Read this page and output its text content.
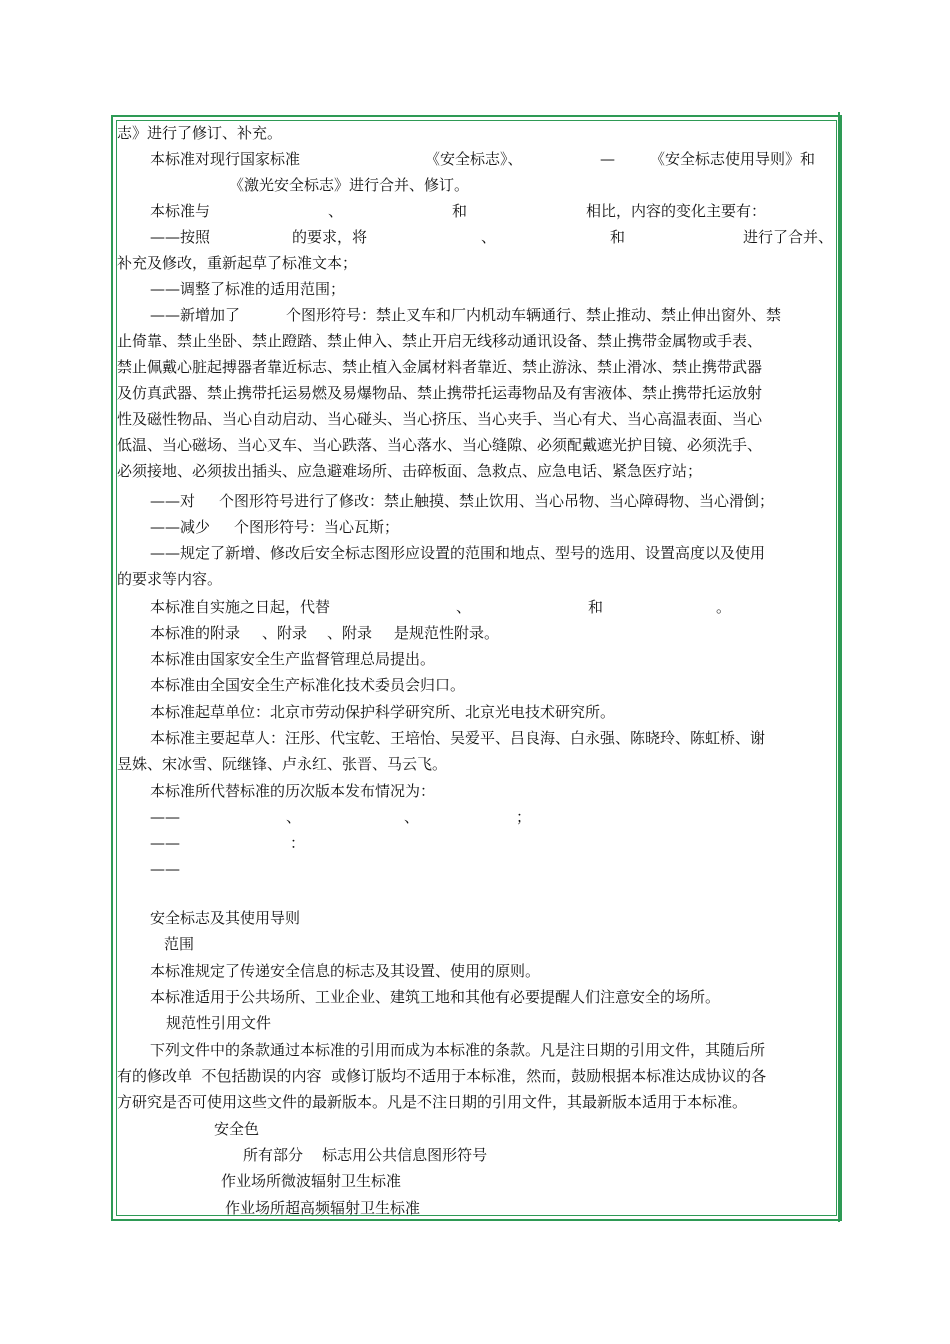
志》进行了修订、补充。
本标准对现行国家标准	《安全标志》、	— 《安全标志使用导则》和
《激光安全标志》进行合并、修订。
本标准与	、	和	相比，内容的变化主要有：
——按照	的要求，将	、	和	进行了合并、
补充及修改，重新起草了标准文本；
——调整了标准的适用范围；
——新增加了	个图形符号：禁止叉车和厂内机动车辆通行、禁止推动、禁止伸出窗外、禁
止倚靠、禁止坐卧、禁止蹬踏、禁止伸入、禁止开启无线移动通讯设备、禁止携带金属物或手表、
禁止佩戴心脏起搏器者靠近标志、禁止植入金属材料者靠近、禁止游泳、禁止滑冰、禁止携带武器
及仿真武器、禁止携带托运易燃及易爆物品、禁止携带托运毒物品及有害液体、禁止携带托运放射
性及磁性物品、当心自动启动、当心碰头、当心挤压、当心夹手、当心有犬、当心高温表面、当心
低温、当心磁场、当心叉车、当心跌落、当心落水、当心缝隙、必须配戴遮光护目镜、必须洗手、
必须接地、必须拔出插头、应急避难场所、击碎板面、急救点、应急电话、紧急医疗站；
——对 个图形符号进行了修改：禁止触摸、禁止饮用、当心吊物、当心障碍物、当心滑倒；
——减少 个图形符号：当心瓦斯；
——规定了新增、修改后安全标志图形应设置的范围和地点、型号的选用、设置高度以及使用
的要求等内容。
本标准自实施之日起，代替	、	和	。
本标准的附录 、附录 、附录 是规范性附录。
本标准由国家安全生产监督管理总局提出。
本标准由全国安全生产标准化技术委员会归口。
本标准起草单位：北京市劳动保护科学研究所、北京光电技术研究所。
本标准主要起草人：汪彤、代宝乾、王培怡、吴爱平、吕良海、白永强、陈晓玲、陈虹桥、谢
昱姝、宋冰雪、阮继锋、卢永红、张晋、马云飞。
本标准所代替标准的历次版本发布情况为：
——	、	、	；
——	：
——
安全标志及其使用导则
范围
本标准规定了传递安全信息的标志及其设置、使用的原则。
本标准适用于公共场所、工业企业、建筑工地和其他有必要提醒人们注意安全的场所。
规范性引用文件
下列文件中的条款通过本标准的引用而成为本标准的条款。凡是注日期的引用文件，其随后所
有的修改单  不包括勘误的内容  或修订版均不适用于本标准，然而，鼓励根据本标准达成协议的各
方研究是否可使用这些文件的最新版本。凡是不注日期的引用文件，其最新版本适用于本标准。
安全色
所有部分    标志用公共信息图形符号
作业场所微波辐射卫生标准
作业场所超高频辐射卫生标准
